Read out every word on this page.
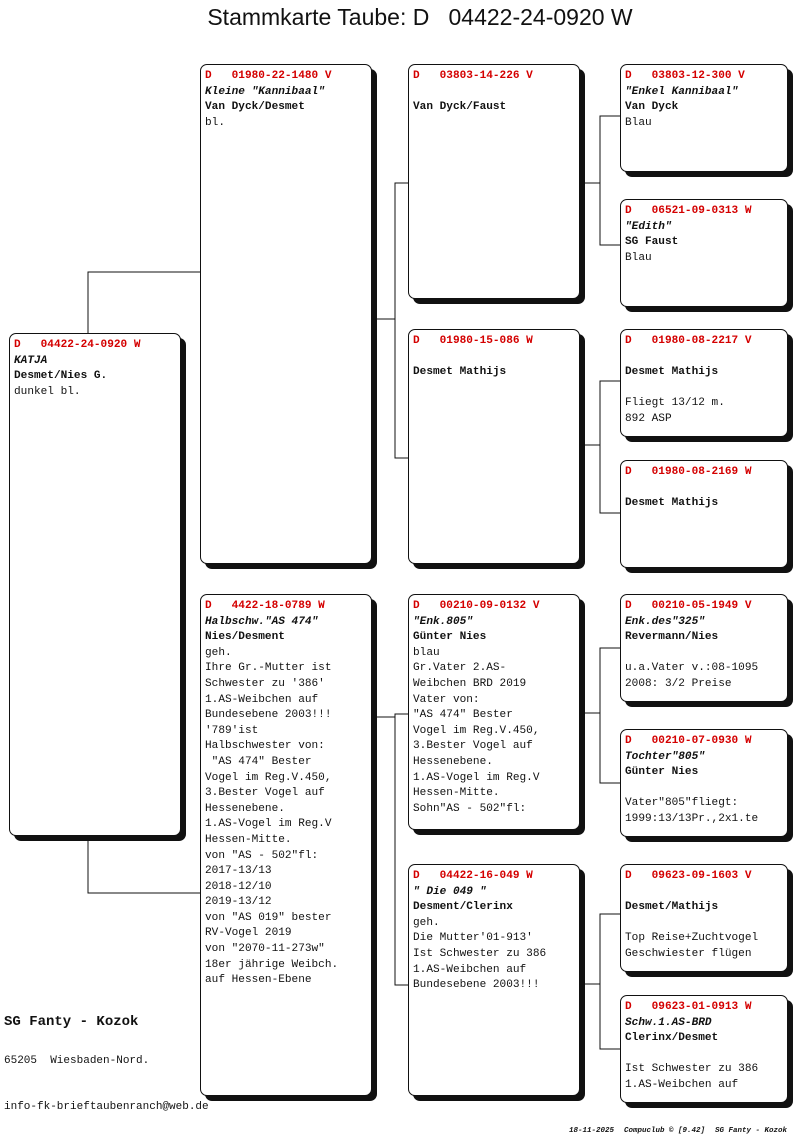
Stammkarte Taube: D   04422-24-0920 W
D   04422-24-0920 W
KATJA
Desmet/Nies G.
dunkel bl.
D   01980-22-1480 V
Kleine "Kannibaal"
Van Dyck/Desmet
bl.
D   4422-18-0789 W
Halbschw."AS 474"
Nies/Desment
geh.
Ihre Gr.-Mutter ist
Schwester zu '386'
1.AS-Weibchen auf
Bundesebene 2003!!!
'789'ist
Halbschwester von:
"AS 474" Bester
Vogel im Reg.V.450,
3.Bester Vogel auf
Hessenebene.
1.AS-Vogel im Reg.V
Hessen-Mitte.
von "AS - 502"fl:
2017-13/13
2018-12/10
2019-13/12
von "AS 019" bester
RV-Vogel 2019
von "2070-11-273w"
18er jährige Weibch.
auf Hessen-Ebene
D   03803-14-226 V
Van Dyck/Faust
D   01980-15-086 W
Desmet Mathijs
D   00210-09-0132 V
"Enk.805"
Günter Nies
blau
Gr.Vater 2.AS-
Weibchen BRD 2019
Vater von:
"AS 474" Bester
Vogel im Reg.V.450,
3.Bester Vogel auf
Hessenebene.
1.AS-Vogel im Reg.V
Hessen-Mitte.
Sohn"AS - 502"fl:
D   04422-16-049 W
" Die 049 "
Desment/Clerinx
geh.
Die Mutter'01-913'
Ist Schwester zu 386
1.AS-Weibchen auf
Bundesebene 2003!!!
D   03803-12-300 V
"Enkel Kannibaal"
Van Dyck
Blau
D   06521-09-0313 W
"Edith"
SG Faust
Blau
D   01980-08-2217 V
Desmet Mathijs
Fliegt 13/12 m.
892 ASP
D   01980-08-2169 W
Desmet Mathijs
D   00210-05-1949 V
Enk.des"325"
Revermann/Nies
u.a.Vater v.:08-1095
2008: 3/2 Preise
D   00210-07-0930 W
Tochter"805"
Günter Nies
Vater"805"fliegt:
1999:13/13Pr.,2x1.te
D   09623-09-1603 V
Desmet/Mathijs
Top Reise+Zuchtvogel
Geschwiester flügen
D   09623-01-0913 W
Schw.1.AS-BRD
Clerinx/Desmet
Ist Schwester zu 386
1.AS-Weibchen auf
SG Fanty - Kozok
65205  Wiesbaden-Nord.
info-fk-brieftaubenranch@web.de

18-11-2025 Compuclub © [9.42] SG Fanty - Kozok
